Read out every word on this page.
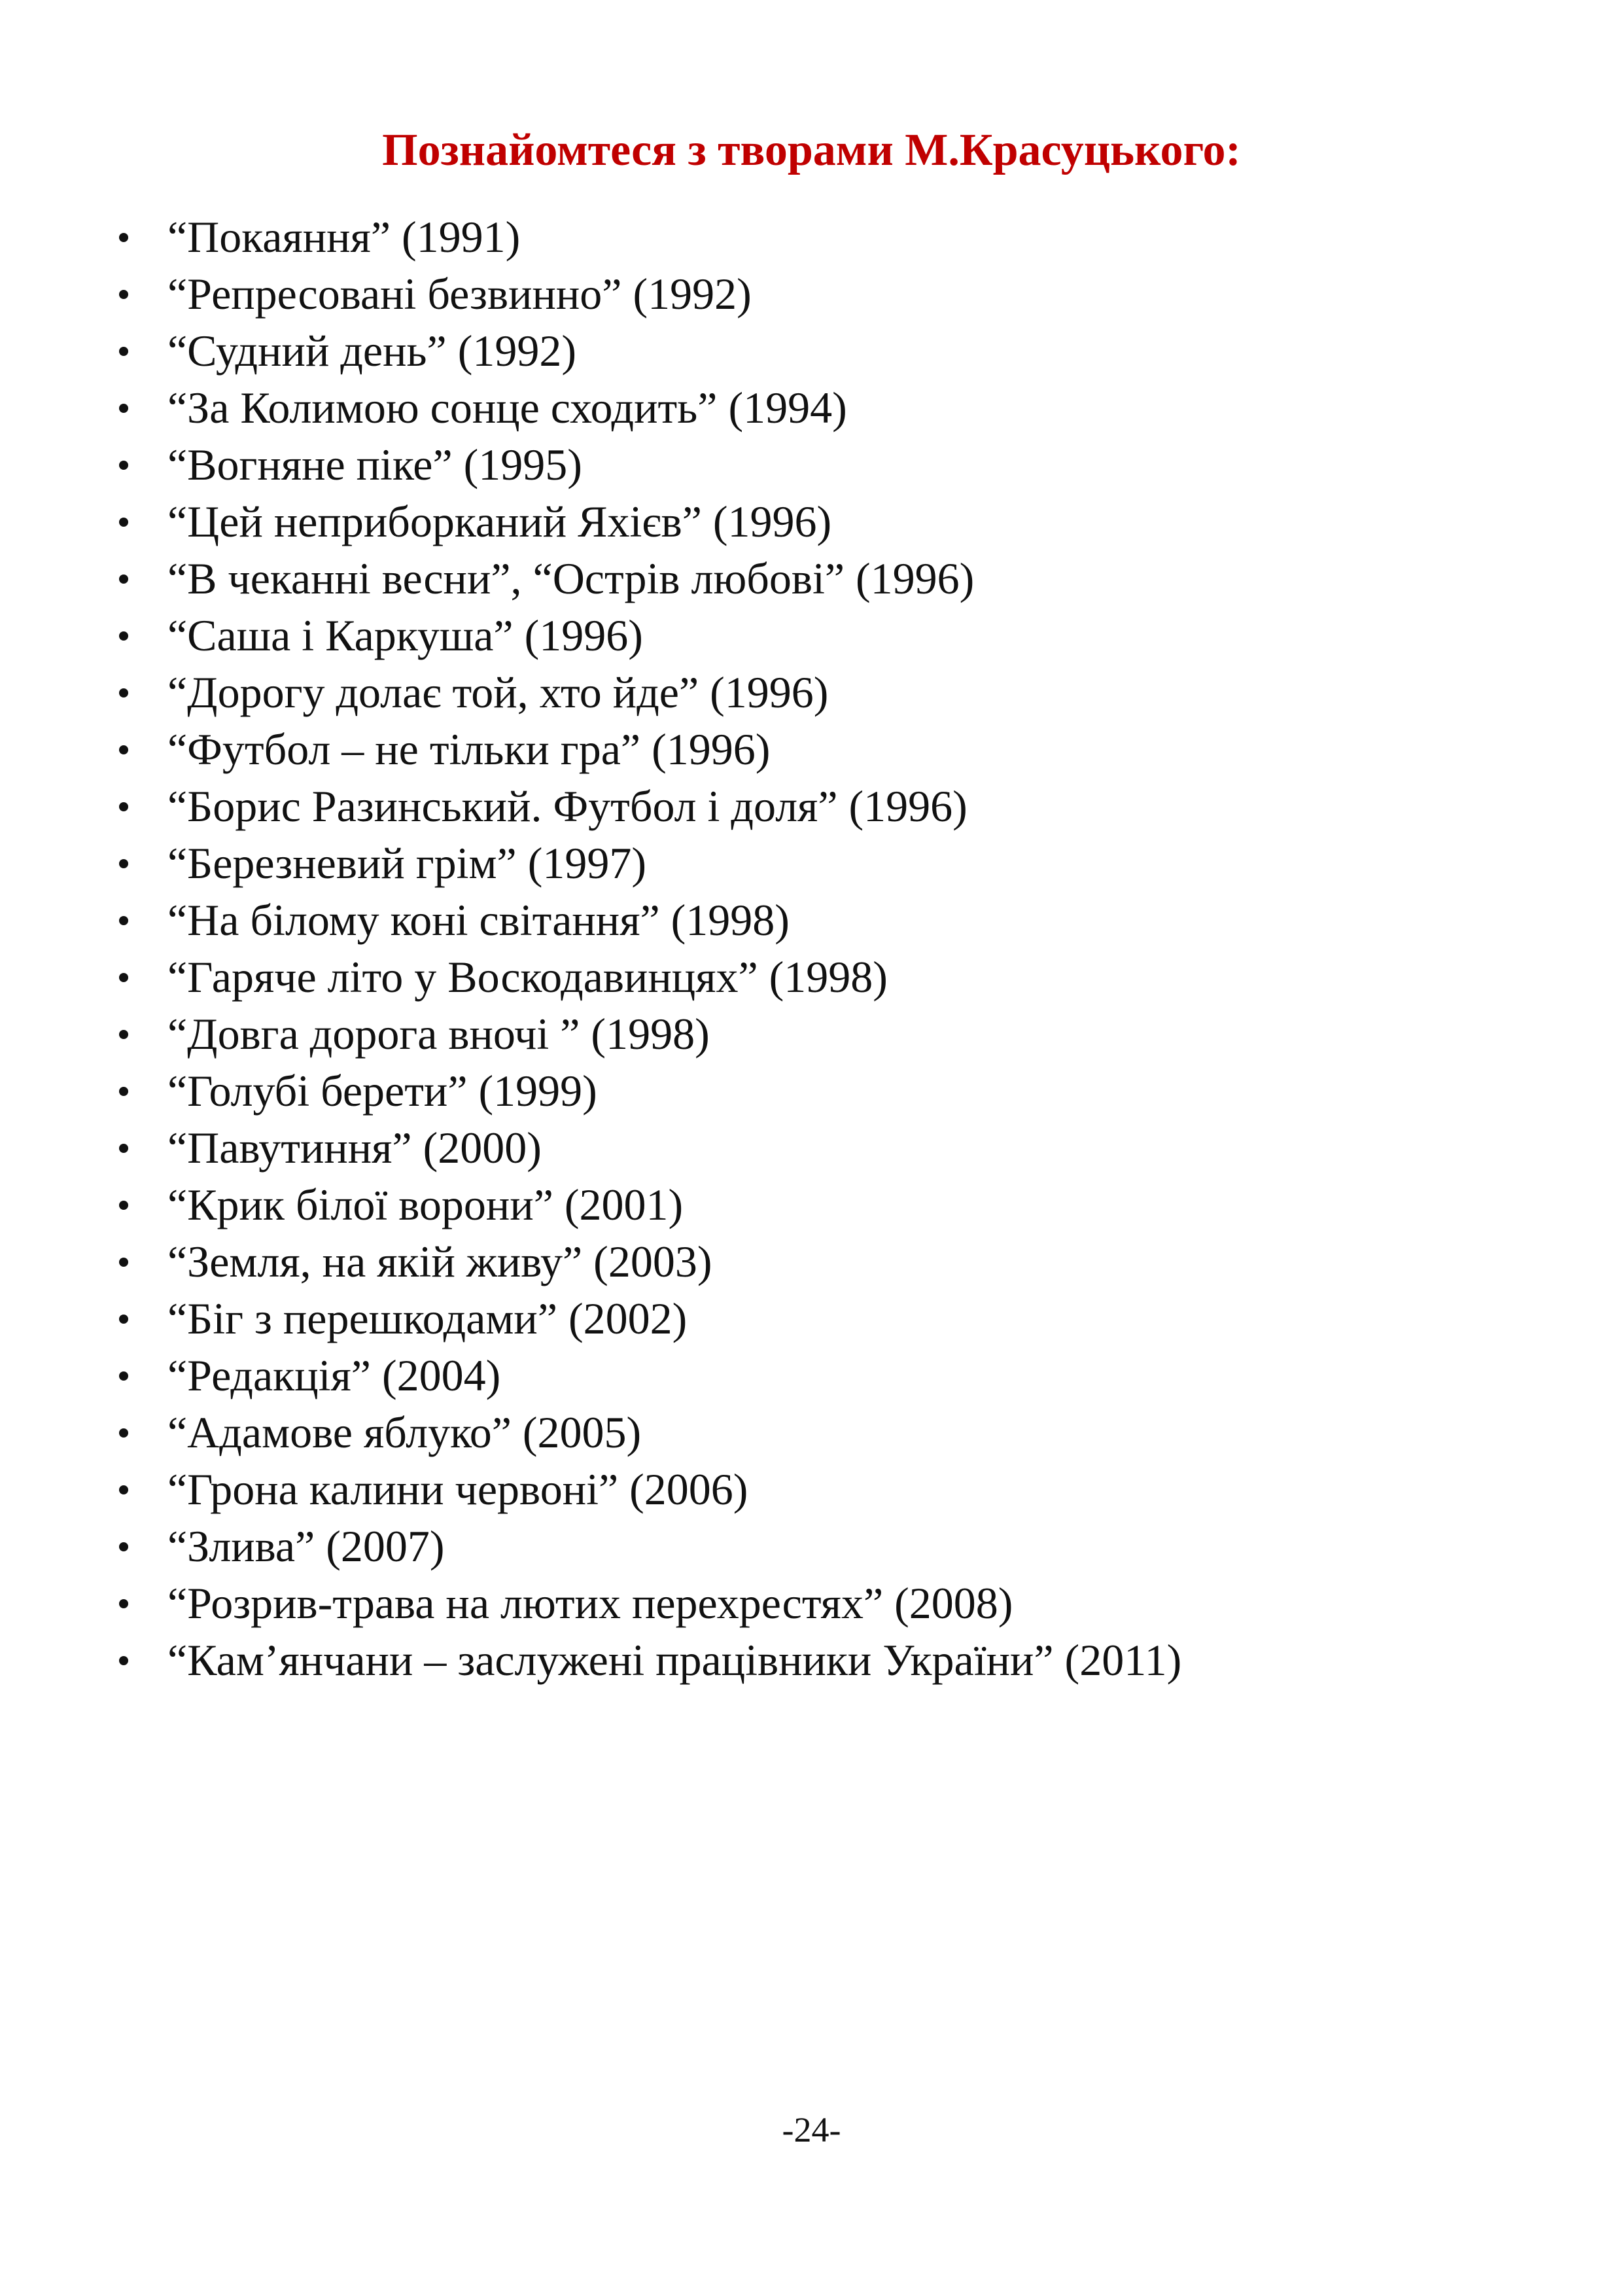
Познайомтеся з творами М.Красуцького:
“Покаяння” (1991)
“Репресовані безвинно” (1992)
“Судний день” (1992)
“За Колимою сонце сходить” (1994)
“Вогняне піке” (1995)
“Цей неприборканий Яхієв” (1996)
“В чеканні весни”, “Острів любові” (1996)
“Саша і Каркуша” (1996)
“Дорогу долає той, хто йде” (1996)
“Футбол – не тільки гра” (1996)
“Борис Разинський. Футбол і доля” (1996)
“Березневий грім” (1997)
“На білому коні світання” (1998)
“Гаряче літо у Воскодавинцях” (1998)
“Довга дорога вночі ” (1998)
“Голубі берети” (1999)
“Павутиння” (2000)
“Крик білої ворони” (2001)
“Земля, на якій живу” (2003)
“Біг з перешкодами” (2002)
“Редакція” (2004)
“Адамове яблуко” (2005)
“Грона калини червоні” (2006)
“Злива” (2007)
“Розрив-трава на лютих перехрестях” (2008)
“Кам’янчани – заслужені працівники України” (2011)
-24-
